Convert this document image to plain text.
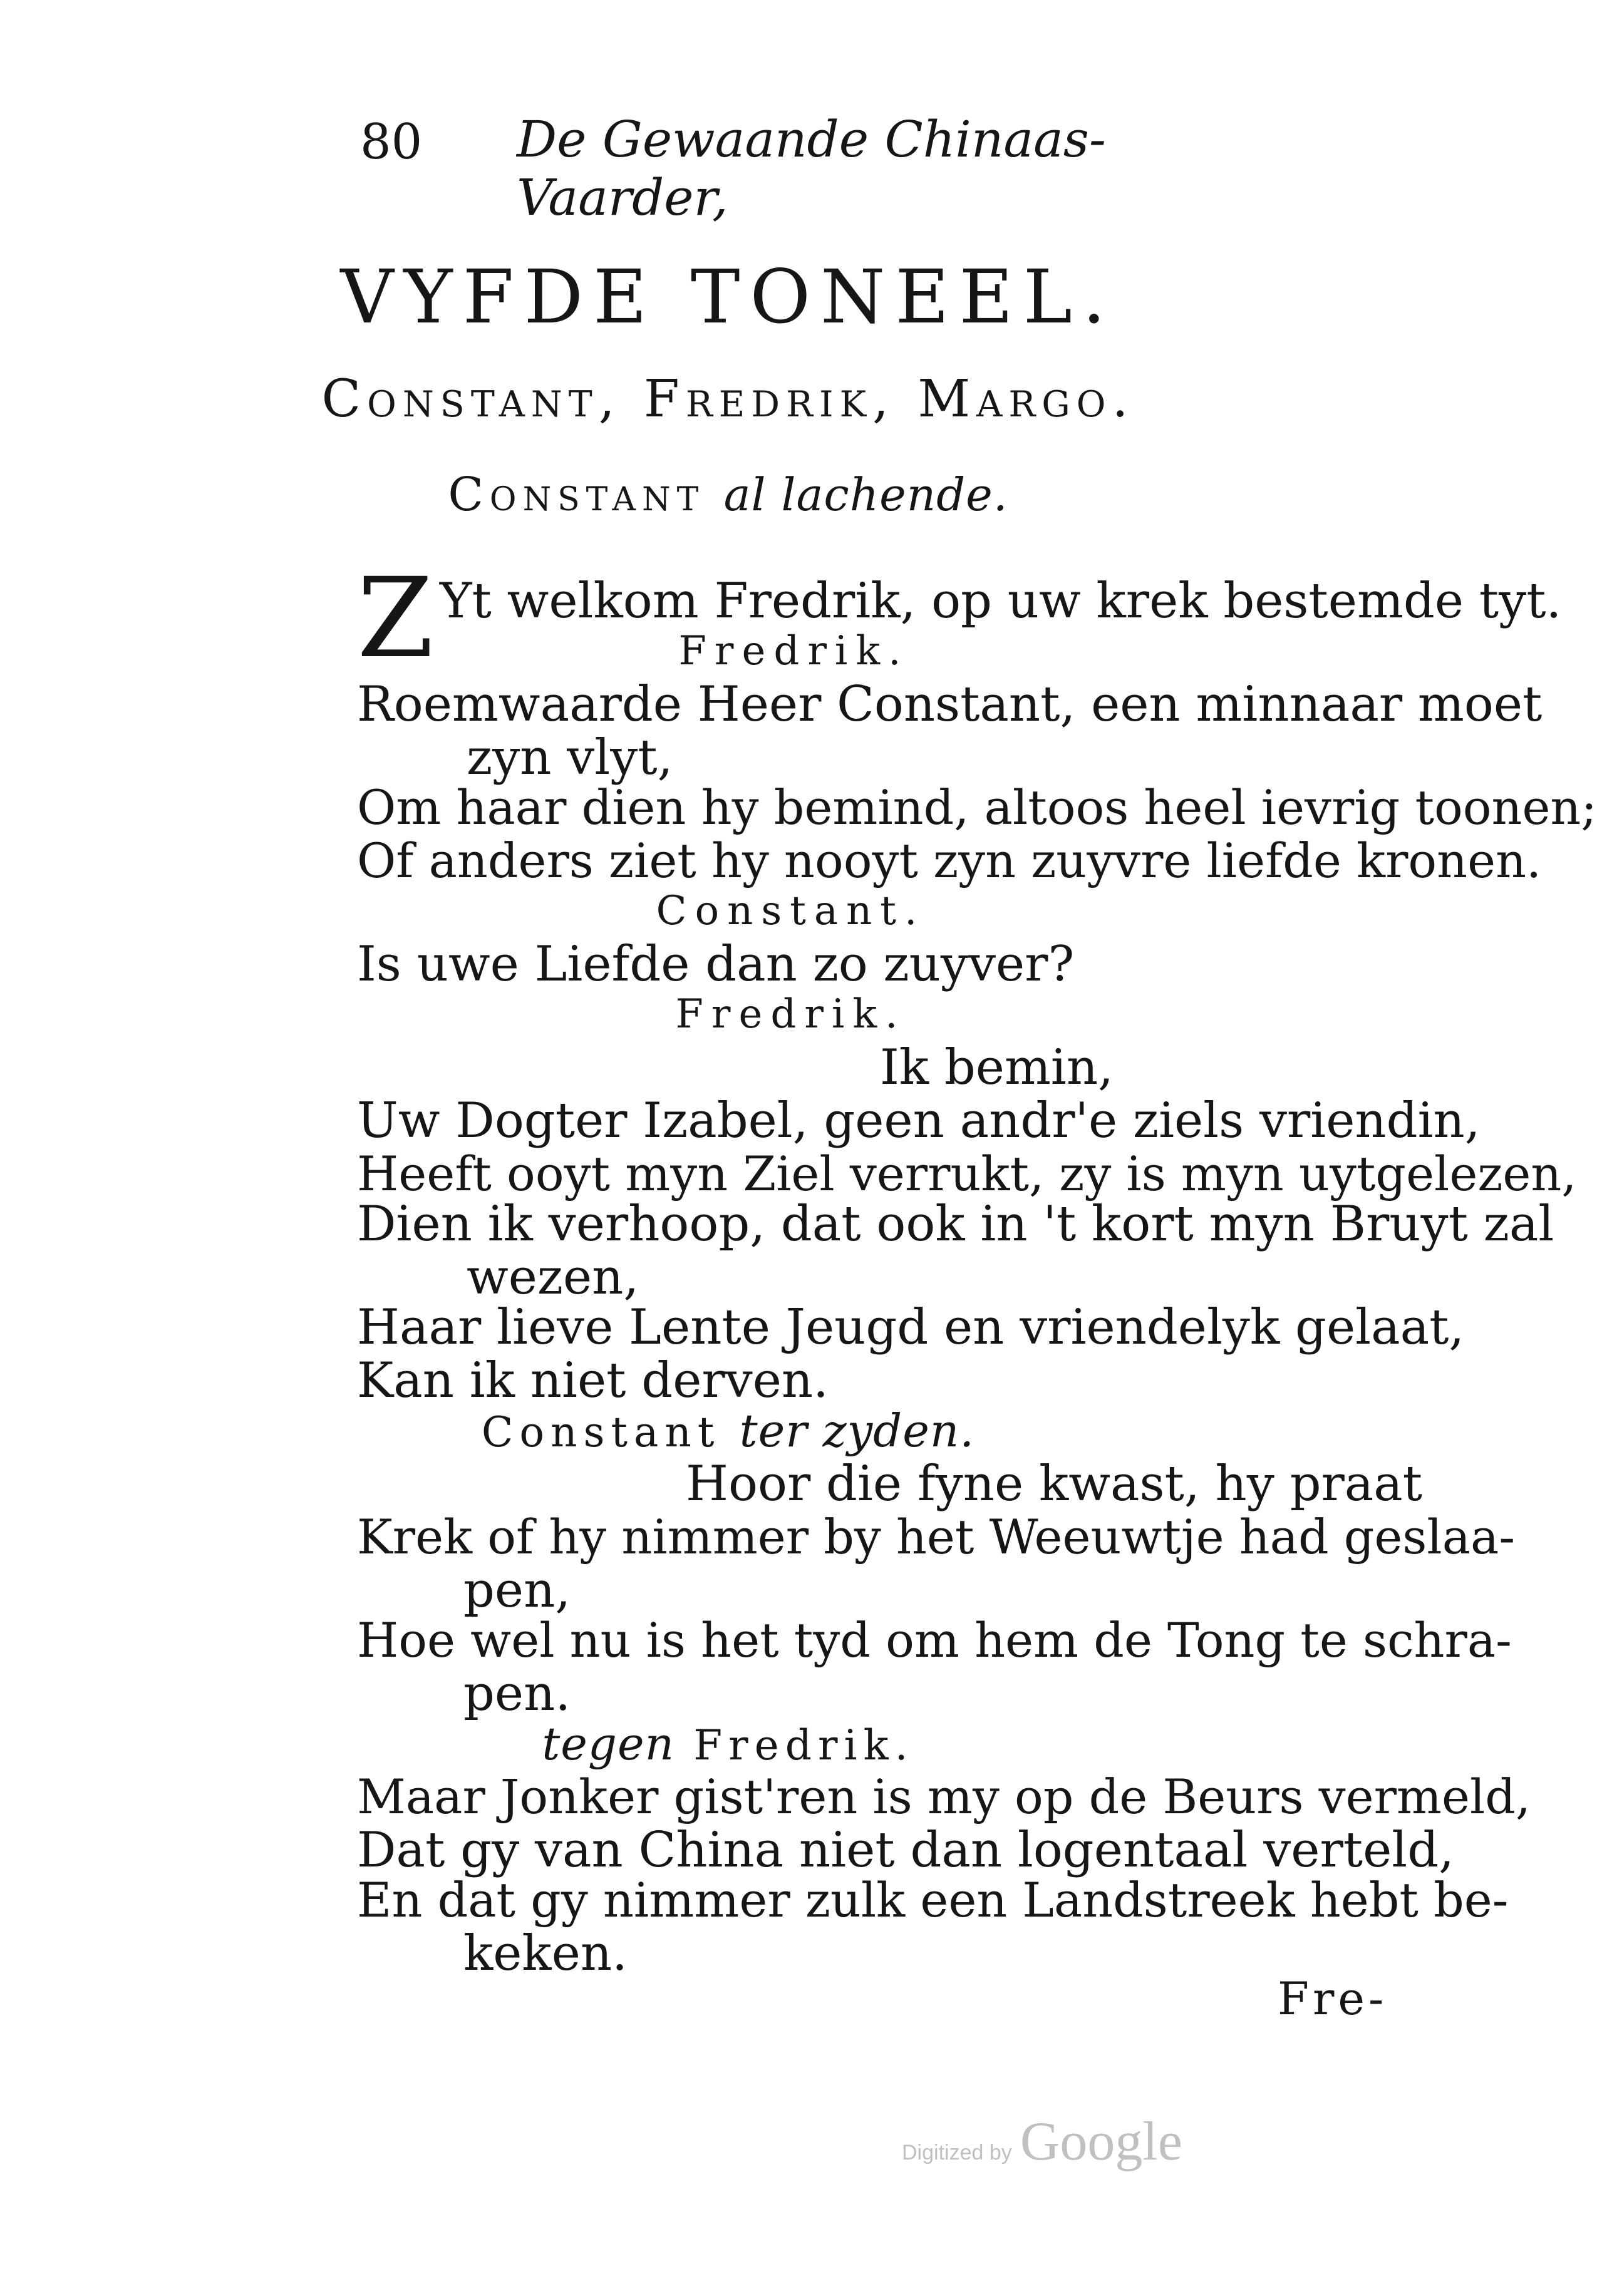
80 De Gewaande Chinaas-Vaarder,
VYFDE TONEEL.
Constant, Fredrik, Margo.
Constant al lachende.
Z Yt welkom Fredrik, op uw krek bestemde tyt.
Fredrik.
Roemwaarde Heer Constant, een minnaar moet
zyn vlyt,
Om haar dien hy bemind, altoos heel ievrig toonen;
Of anders ziet hy nooyt zyn zuyvre liefde kronen.
Constant.
Is uwe Liefde dan zo zuyver?
Fredrik.
Ik bemin,
Uw Dogter Izabel, geen andr'e ziels vriendin,
Heeft ooyt myn Ziel verrukt, zy is myn uytgelezen,
Dien ik verhoop, dat ook in 't kort myn Bruyt zal
wezen,
Haar lieve Lente Jeugd en vriendelyk gelaat,
Kan ik niet derven.
Constant ter zyden.
Hoor die fyne kwast, hy praat
Krek of hy nimmer by het Weeuwtje had geslaa-
pen,
Hoe wel nu is het tyd om hem de Tong te schra-
pen.
tegen Fredrik.
Maar Jonker gist'ren is my op de Beurs vermeld,
Dat gy van China niet dan logentaal verteld,
En dat gy nimmer zulk een Landstreek hebt be-
keken.
Fre-
Digitized by Google
